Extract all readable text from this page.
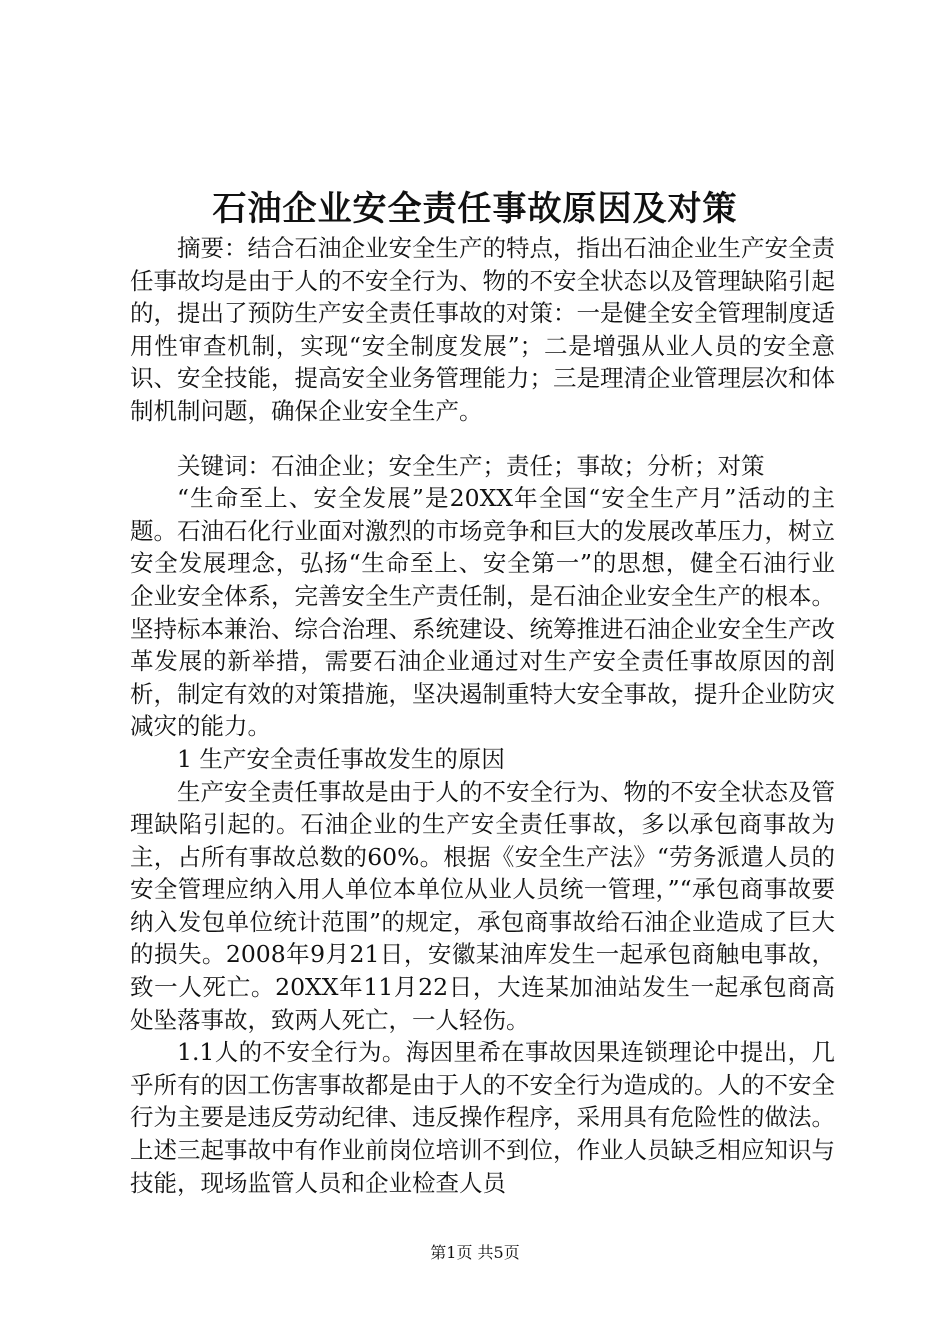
石油企业安全责任事故原因及对策

摘要：结合石油企业安全生产的特点，指出石油企业生产安全责任事故均是由于人的不安全行为、物的不安全状态以及管理缺陷引起的，提出了预防生产安全责任事故的对策：一是健全安全管理制度适用性审查机制，实现“安全制度发展”；二是增强从业人员的安全意识、安全技能，提高安全业务管理能力；三是理清企业管理层次和体制机制问题，确保企业安全生产。

关键词：石油企业；安全生产；责任；事故；分析；对策

“生命至上、安全发展”是20XX年全国“安全生产月”活动的主题。石油石化行业面对激烈的市场竞争和巨大的发展改革压力，树立安全发展理念，弘扬“生命至上、安全第一”的思想，健全石油行业企业安全体系，完善安全生产责任制，是石油企业安全生产的根本。坚持标本兼治、综合治理、系统建设、统筹推进石油企业安全生产改革发展的新举措，需要石油企业通过对生产安全责任事故原因的剖析，制定有效的对策措施，坚决遏制重特大安全事故，提升企业防灾减灾的能力。

1 生产安全责任事故发生的原因

生产安全责任事故是由于人的不安全行为、物的不安全状态及管理缺陷引起的。石油企业的生产安全责任事故，多以承包商事故为主，占所有事故总数的60%。根据《安全生产法》“劳务派遣人员的安全管理应纳入用人单位本单位从业人员统一管理，”“承包商事故要纳入发包单位统计范围”的规定，承包商事故给石油企业造成了巨大的损失。2008年9月21日，安徽某油库发生一起承包商触电事故，致一人死亡。20XX年11月22日，大连某加油站发生一起承包商高处坠落事故，致两人死亡，一人轻伤。

1.1人的不安全行为。海因里希在事故因果连锁理论中提出，几乎所有的因工伤害事故都是由于人的不安全行为造成的。人的不安全行为主要是违反劳动纪律、违反操作程序，采用具有危险性的做法。上述三起事故中有作业前岗位培训不到位，作业人员缺乏相应知识与技能，现场监管人员和企业检查人员

第1页 共5页
